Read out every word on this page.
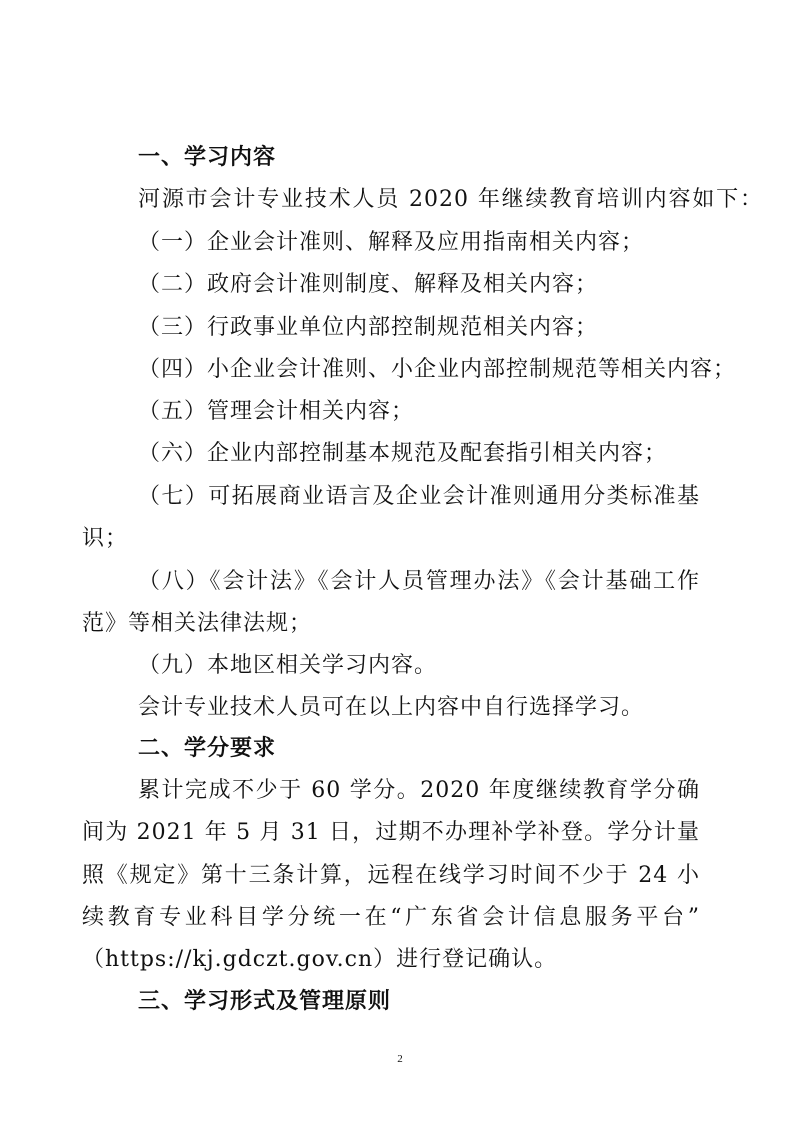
一、学习内容
河源市会计专业技术人员 2020 年继续教育培训内容如下：
（一）企业会计准则、解释及应用指南相关内容；
（二）政府会计准则制度、解释及相关内容；
（三）行政事业单位内部控制规范相关内容；
（四）小企业会计准则、小企业内部控制规范等相关内容；
（五）管理会计相关内容；
（六）企业内部控制基本规范及配套指引相关内容；
（七）可拓展商业语言及企业会计准则通用分类标准基
识；
（八）《会计法》《会计人员管理办法》《会计基础工作
范》等相关法律法规；
（九）本地区相关学习内容。
会计专业技术人员可在以上内容中自行选择学习。
二、学分要求
累计完成不少于 60 学分。2020 年度继续教育学分确
间为 2021 年 5 月 31 日，过期不办理补学补登。学分计量
照《规定》第十三条计算，远程在线学习时间不少于 24 小
续教育专业科目学分统一在“广东省会计信息服务平台”
（https://kj.gdczt.gov.cn）进行登记确认。
三、学习形式及管理原则
2
